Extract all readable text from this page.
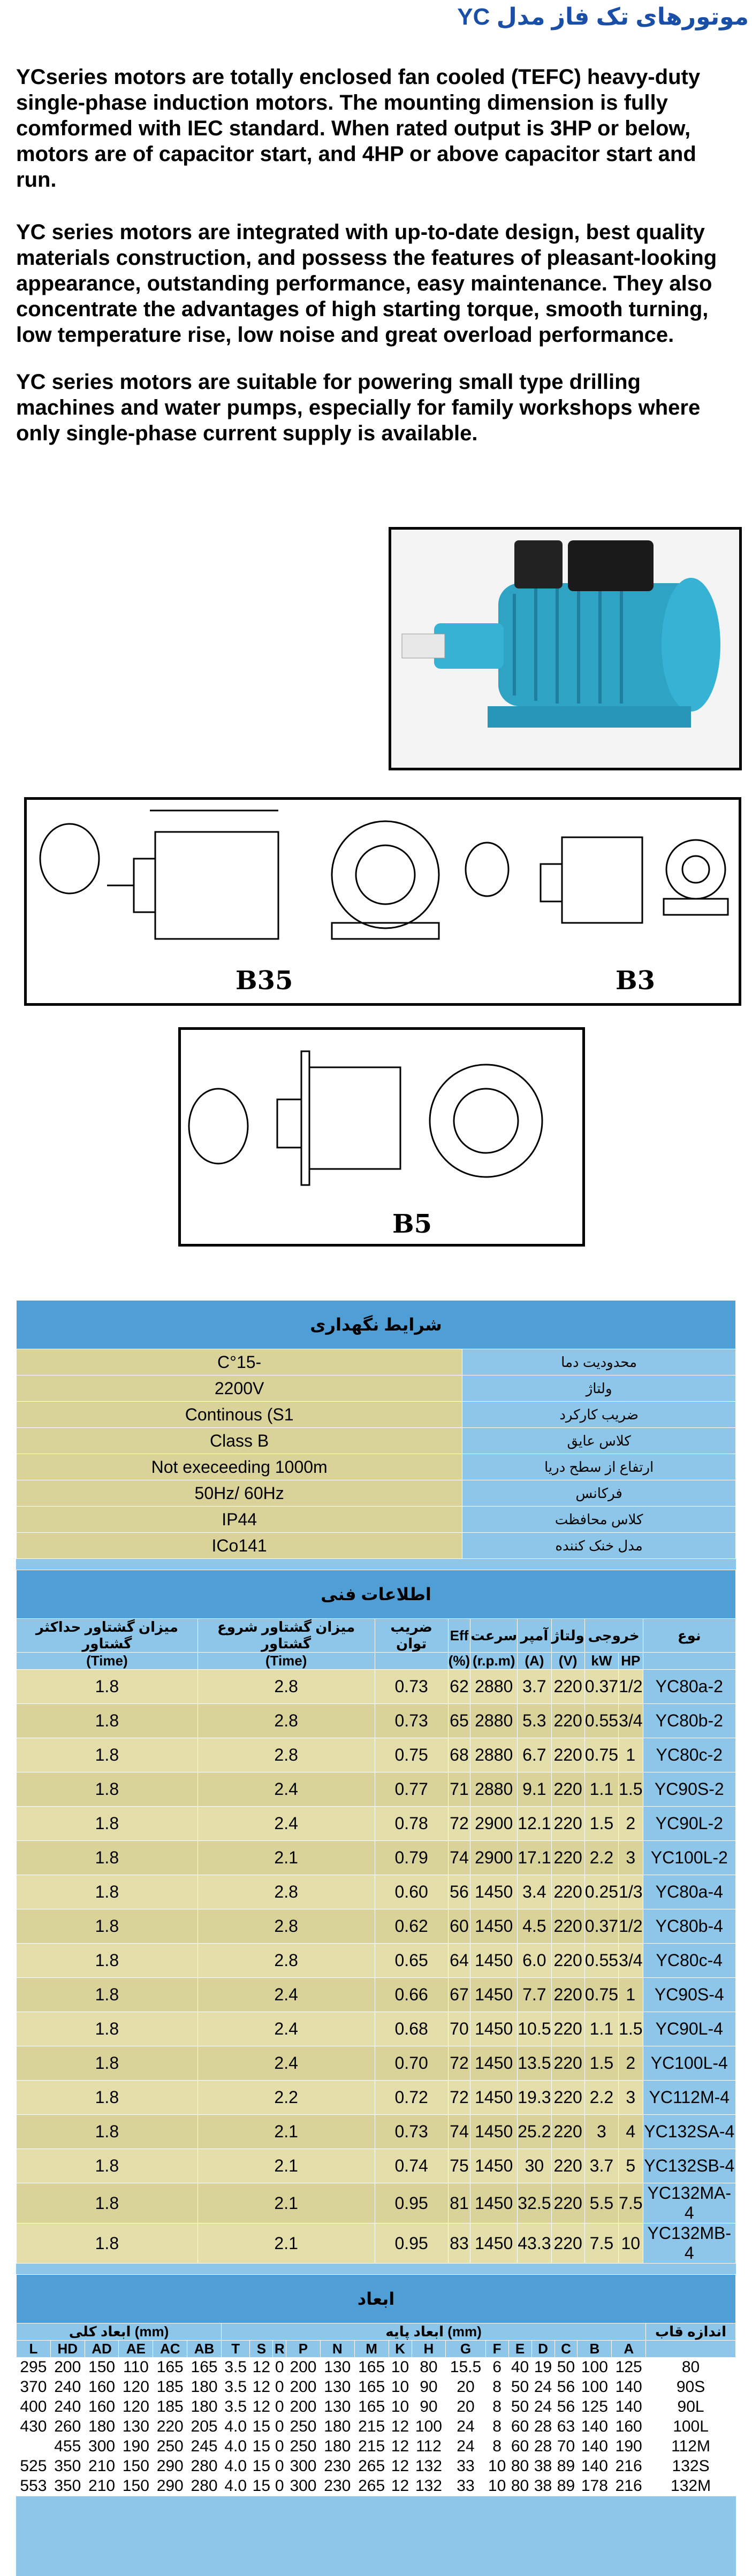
موتورهای تک فاز مدل YC
YCseries motors are totally enclosed fan cooled (TEFC) heavy-duty single-phase induction motors. The mounting dimension is fully comformed with IEC standard. When rated output is 3HP or below, motors are of capacitor start, and 4HP or above capacitor start and run.
YC series motors are integrated with up-to-date design, best quality materials construction, and possess the features of pleasant-looking appearance, outstanding performance, easy maintenance. They also concentrate the advantages of high starting torque, smooth turning, low temperature rise, low noise and great overload performance.
YC series motors are suitable for powering small type drilling machines and water pumps, especially for family workshops where only single-phase current supply is available.
B35	B3
B5
شرایط نگهداری	
C°15-	محدودیت دما
2200V	ولتاژ
Continous (S1	ضریب کارکرد
Class B	کلاس عایق
Not execeeding 1000m	ارتفاع از سطح دریا
50Hz/ 60Hz	فرکانس
IP44	کلاس محافظت
ICo141	مدل خنک کننده
اطلاعات فنی									
میزان گشتاور حداکثر گشتاور	میزان گشتاور شروع گشتاور	ضریب توان	Eff	سرعت	آمپر	ولتاژ	خروجی		نوع
(Time)	(Time)		(%)	(r.p.m)	(A)	(V)	kW	HP	
1.8	2.8	0.73	62	2880	3.7	220	0.37	1/2	YC80a-2
1.8	2.8	0.73	65	2880	5.3	220	0.55	3/4	YC80b-2
1.8	2.8	0.75	68	2880	6.7	220	0.75	1	YC80c-2
1.8	2.4	0.77	71	2880	9.1	220	1.1	1.5	YC90S-2
1.8	2.4	0.78	72	2900	12.1	220	1.5	2	YC90L-2
1.8	2.1	0.79	74	2900	17.1	220	2.2	3	YC100L-2
1.8	2.8	0.60	56	1450	3.4	220	0.25	1/3	YC80a-4
1.8	2.8	0.62	60	1450	4.5	220	0.37	1/2	YC80b-4
1.8	2.8	0.65	64	1450	6.0	220	0.55	3/4	YC80c-4
1.8	2.4	0.66	67	1450	7.7	220	0.75	1	YC90S-4
1.8	2.4	0.68	70	1450	10.5	220	1.1	1.5	YC90L-4
1.8	2.4	0.70	72	1450	13.5	220	1.5	2	YC100L-4
1.8	2.2	0.72	72	1450	19.3	220	2.2	3	YC112M-4
1.8	2.1	0.73	74	1450	25.2	220	3	4	YC132SA-4
1.8	2.1	0.74	75	1450	30	220	3.7	5	YC132SB-4
1.8	2.1	0.95	81	1450	32.5	220	5.5	7.5	YC132MA-4
1.8	2.1	0.95	83	1450	43.3	220	7.5	10	YC132MB-4
ابعاد																					
ابعاد کلی (mm)						ابعاد پایه (mm)															اندازه قاب
L	HD	AD	AE	AC	AB	T	S	R	P	N	M	K	H	G	F	E	D	C	B	A	
295	200	150	110	165	165	3.5	12	0	200	130	165	10	80	15.5	6	40	19	50	100	125	80
370	240	160	120	185	180	3.5	12	0	200	130	165	10	90	20	8	50	24	56	100	140	90S
400	240	160	120	185	180	3.5	12	0	200	130	165	10	90	20	8	50	24	56	125	140	90L
430	260	180	130	220	205	4.0	15	0	250	180	215	12	100	24	8	60	28	63	140	160	100L
	455	300	190	250	245	4.0	15	0	250	180	215	12	112	24	8	60	28	70	140	190	112M
525	350	210	150	290	280	4.0	15	0	300	230	265	12	132	33	10	80	38	89	140	216	132S
553	350	210	150	290	280	4.0	15	0	300	230	265	12	132	33	10	80	38	89	178	216	132M
